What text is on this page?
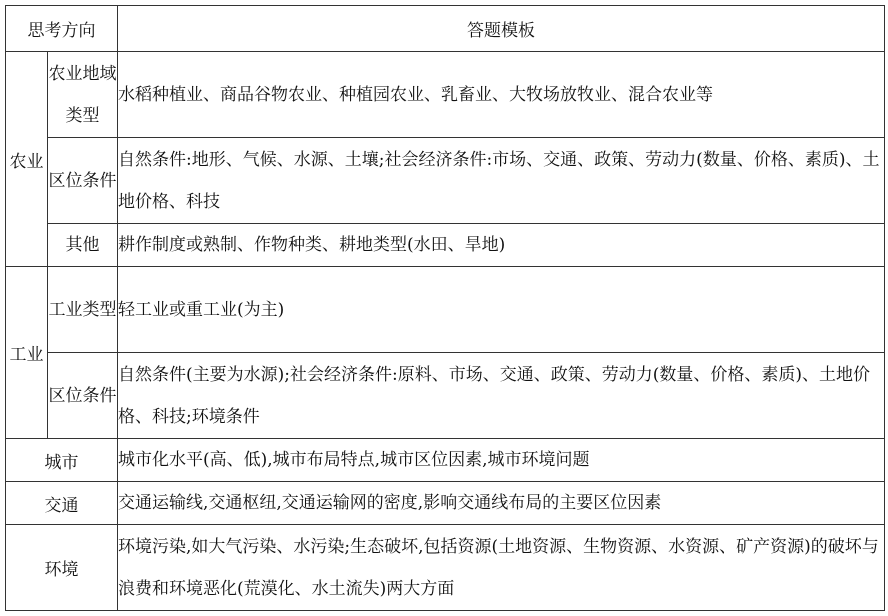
思考方向		答题模板
农业	农业地域类型	水稻种植业、商品谷物农业、种植园农业、乳畜业、大牧场放牧业、混合农业等
	区位条件	自然条件:地形、气候、水源、土壤;社会经济条件:市场、交通、政策、劳动力(数量、价格、素质)、土地价格、科技
	其他	耕作制度或熟制、作物种类、耕地类型(水田、旱地)
工业	工业类型	轻工业或重工业(为主)
	区位条件	自然条件(主要为水源);社会经济条件:原料、市场、交通、政策、劳动力(数量、价格、素质)、土地价格、科技;环境条件
城市		城市化水平(高、低),城市布局特点,城市区位因素,城市环境问题
交通		交通运输线,交通枢纽,交通运输网的密度,影响交通线布局的主要区位因素
环境		环境污染,如大气污染、水污染;生态破坏,包括资源(土地资源、生物资源、水资源、矿产资源)的破坏与浪费和环境恶化(荒漠化、水土流失)两大方面
